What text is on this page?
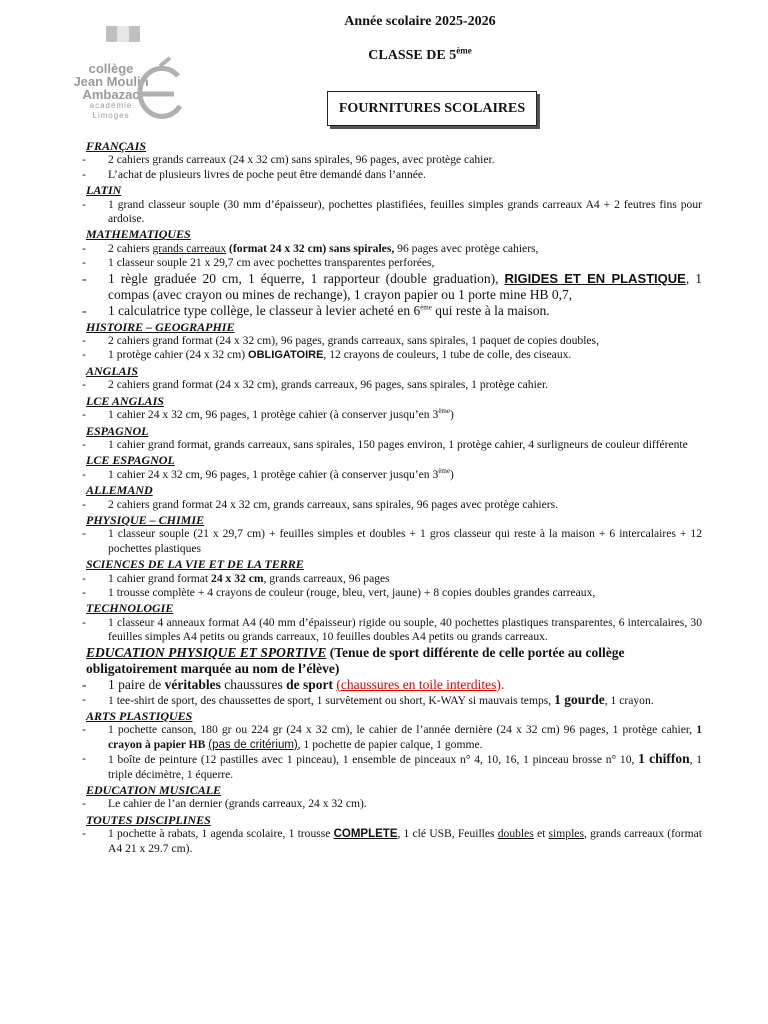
collège
Jean Moulin
Ambazac
académie
Limoges
Année scolaire 2025-2026
CLASSE DE 5ème
FOURNITURES SCOLAIRES
FRANÇAIS
- 2 cahiers grands carreaux (24 x 32 cm) sans spirales, 96 pages, avec protège cahier.
- L’achat de plusieurs livres de poche peut être demandé dans l’année.
LATIN
- 1 grand classeur souple (30 mm d’épaisseur), pochettes plastifiées, feuilles simples grands carreaux A4 + 2 feutres fins pour ardoise.
MATHEMATIQUES
- 2 cahiers grands carreaux (format 24 x 32 cm) sans spirales, 96 pages avec protège cahiers,
- 1 classeur souple 21 x 29,7 cm avec pochettes transparentes perforées,
- 1 règle graduée 20 cm, 1 équerre, 1 rapporteur (double graduation), RIGIDES ET EN PLASTIQUE, 1 compas (avec crayon ou mines de rechange), 1 crayon papier ou 1 porte mine HB 0,7,
- 1 calculatrice type collège, le classeur à levier acheté en 6ème qui reste à la maison.
HISTOIRE – GEOGRAPHIE
- 2 cahiers grand format (24 x 32 cm), 96 pages, grands carreaux, sans spirales, 1 paquet de copies doubles,
- 1 protège cahier (24 x 32 cm) OBLIGATOIRE, 12 crayons de couleurs, 1 tube de colle, des ciseaux.
ANGLAIS
- 2 cahiers grand format (24 x 32 cm), grands carreaux, 96 pages, sans spirales, 1 protège cahier.
LCE ANGLAIS
- 1 cahier 24 x 32 cm, 96 pages, 1 protège cahier (à conserver jusqu’en 3ème)
ESPAGNOL
- 1 cahier grand format, grands carreaux, sans spirales, 150 pages environ, 1 protège cahier, 4 surligneurs de couleur différente
LCE ESPAGNOL
- 1 cahier 24 x 32 cm, 96 pages, 1 protège cahier (à conserver jusqu’en 3ème)
ALLEMAND
- 2 cahiers grand format 24 x 32 cm, grands carreaux, sans spirales, 96 pages avec protège cahiers.
PHYSIQUE – CHIMIE
- 1 classeur souple (21 x 29,7 cm) + feuilles simples et doubles + 1 gros classeur qui reste à la maison + 6 intercalaires + 12 pochettes plastiques
SCIENCES DE LA VIE ET DE LA TERRE
- 1 cahier grand format 24 x 32 cm, grands carreaux, 96 pages
- 1 trousse complète + 4 crayons de couleur (rouge, bleu, vert, jaune) + 8 copies doubles grandes carreaux,
TECHNOLOGIE
- 1 classeur 4 anneaux format A4 (40 mm d’épaisseur) rigide ou souple, 40 pochettes plastiques transparentes, 6 intercalaires, 30 feuilles simples A4 petits ou grands carreaux, 10 feuilles doubles A4 petits ou grands carreaux.
EDUCATION PHYSIQUE ET SPORTIVE (Tenue de sport différente de celle portée au collège obligatoirement marquée au nom de l’élève)
- 1 paire de véritables chaussures de sport (chaussures en toile interdites).
- 1 tee-shirt de sport, des chaussettes de sport, 1 survêtement ou short, K-WAY si mauvais temps, 1 gourde, 1 crayon.
ARTS PLASTIQUES
- 1 pochette canson, 180 gr ou 224 gr (24 x 32 cm), le cahier de l’année dernière (24 x 32 cm) 96 pages, 1 protège cahier, 1 crayon à papier HB (pas de critérium), 1 pochette de papier calque, 1 gomme.
- 1 boîte de peinture (12 pastilles avec 1 pinceau), 1 ensemble de pinceaux n° 4, 10, 16, 1 pinceau brosse n° 10, 1 chiffon, 1 triple décimètre, 1 équerre.
EDUCATION MUSICALE
- Le cahier de l’an dernier (grands carreaux, 24 x 32 cm).
TOUTES DISCIPLINES
- 1 pochette à rabats, 1 agenda scolaire, 1 trousse COMPLETE, 1 clé USB, Feuilles doubles et simples, grands carreaux (format A4 21 x 29.7 cm).
